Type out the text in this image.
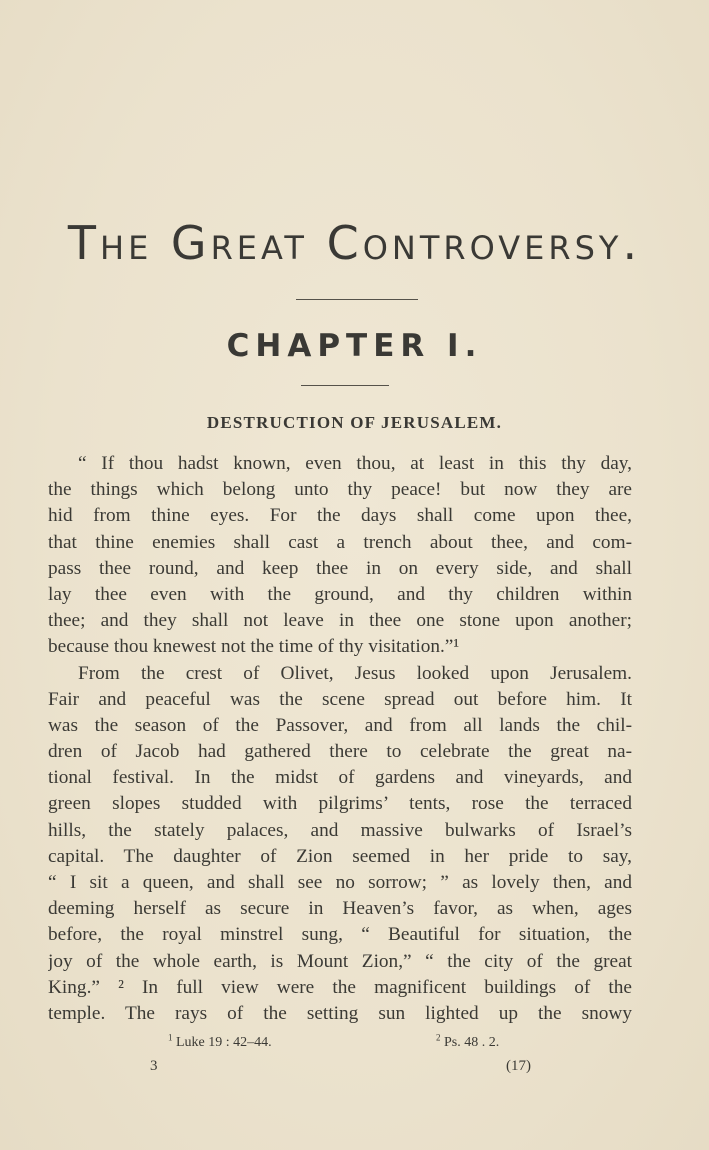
The Great Controversy.
CHAPTER I.
DESTRUCTION OF JERUSALEM.
“ If thou hadst known, even thou, at least in this thy day,
the things which belong unto thy peace! but now they are
hid from thine eyes. For the days shall come upon thee,
that thine enemies shall cast a trench about thee, and com-
pass thee round, and keep thee in on every side, and shall
lay thee even with the ground, and thy children within
thee; and they shall not leave in thee one stone upon another;
because thou knewest not the time of thy visitation.”¹
From the crest of Olivet, Jesus looked upon Jerusalem.
Fair and peaceful was the scene spread out before him. It
was the season of the Passover, and from all lands the chil-
dren of Jacob had gathered there to celebrate the great na-
tional festival. In the midst of gardens and vineyards, and
green slopes studded with pilgrims’ tents, rose the terraced
hills, the stately palaces, and massive bulwarks of Israel’s
capital. The daughter of Zion seemed in her pride to say,
“ I sit a queen, and shall see no sorrow; ” as lovely then, and
deeming herself as secure in Heaven’s favor, as when, ages
before, the royal minstrel sung, “ Beautiful for situation, the
joy of the whole earth, is Mount Zion,” “ the city of the great
King.” ² In full view were the magnificent buildings of the
temple. The rays of the setting sun lighted up the snowy
$^1$ Luke 19 : 42–44.	$^2$ Ps. 48 . 2.
3	(17)
